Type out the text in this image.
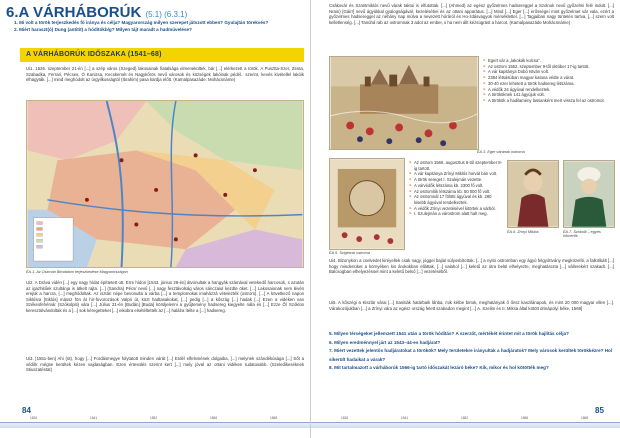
6.A VÁRHÁBORÚK (5.1) (6.3.1)
1. Mi volt a török terjeszkedés fő iránya és célja? Magyarország milyen szerepet játszott ebben? Gyulajtán törekvés?
2. Miért haraszt(ó) Dung (antitit) a hódítókb/g? Milyen tájt maradt a hadművelése?
A VÁRHÁBORÚK IDŐSZAKA (1541–68)
Ui1. 1526. szeptember 21-én [...] a szép város (Szeged) lakosainak fiatalsága elmenekültek, bár [...] elérkezett a török. A Pusztta-Szer, Zenta, Szabadka, Ferrari, Pécses, Ó Kanizsa, Kecskemét és Nagykőrös nevű városok és községek lakóinak pédél.. szerint, kevés kivétellel lakóik elhagyták. [...] mind meghódolt az úrgyilkosságtól (Ibrahim) pasa kardja előtt. (Kamalpasazáde: Mohácsnáme)
ÉA.1. Az Oszmán Birodalom terjeszkedése Magyarországon
Ui2. A Dráva vidén [...] egy nagy hídat építtetett ott. Erre hídon [1543. június 29-én] átvonultak a hangyák számával vetekedő harcosok, s azután az igazhitűek szultánja is átkelt rajta. [...] (Sandra) Pécs/ nevű [...] nagy fesztávolság város sánczaiul kezdte öket. [...] Lakosaionak nem lévén erejük a harcra, [...] meghódoltak. Az isztán népe bevonulta a várba [...] a templomokat imaházzá vételezték (ostrom). [...] A következő napon Siklósra [Siklós] mássz fön át hír-fuvorozások Valpó út, közt hadtasakokat, [...] pedig [...] a kőszág [...] hadak [...] Ezen a vidéken van Székesfehérvár (Szókolpiti) vára [...] Július 21-én [Budán] [Buda] körüljelenni a gyűjtemény hadsereg kiegyelte nála és [...] Ezze Ő/ Szóklos keresztülvándoltak és a [...] sok kéregetteket [...] eikobra elsétéltették az [...] halálra ítélte a [...] hadsereg.
Ui3. [1551-ben] Ahi (üt), hogy [...] Fordásmegye folytatott minden várát [...] Erdél elfelsmének dolgaiba, [...] melynek szándékúsága [...] Sőt a védők mégse kerültek kézen vajdaságban. Ezen értesülés szerint kert [...] mely jóval az ottani vidéken tudatosabb. (Szeledikeséknek Stiuszatéstat)
84
1526	1541	1552	1566	1568
Csákovár és Szantmiklós nevű várak taktoi is elfutottak. [...] (Ahmed) az egész győzelmes hadsereggel a Szolnok nevű győzelmi felé indult. [...] Nrain) [Gáirr] nevű ágyúkkal gyalogságával, kezelésébei és az ottani apparátus. [...] Mind [...] Eger [...] erősségei mint győzelmet vár vala, ezért a győzelmes hadsereggel az néhány nap múlva a nevezett hóráról és Ho-zdásvagyok mérséklettel. [...] Tagjaiban nagy tüntetés tartva, [...] szem volt kelletlenség. [...] Tanúhá rab az ostromnak 3 adot az ember, s ha nem állt kézsúgrást a harcot. (Kamalpasazáde Mohácsnáme)
ÉA.3. Eger várának ostroma
► Egert vár a „lakokák kulcsa”.
► Az ostrom 1552. szeptember 9-től október 17-ig tartott.
► A vár kapitánya Dobó István volt.
► 2384 létsásúban magyar katona védte a várat.
► 30-40 ezer lehetett a török hadsereg létszáma.
► A védők 24 ágyúval rendelkeztek.
► A törököknek 141 ágyújuk volt.
► A törökök a hadilamény lassanként mert vissza fel az ostromot.
ÉA.5. Szigetvár ostroma
► Az ostrom 1566. augusztus 6-tól szeptember 8-ig tartott.
► A vár kapitánya Zrínyi Miklós horvát bán volt.
► A török sereget I. Szulejmán vezette.
► A várvédők létszáma kb. 2300 fő volt.
► Az ostromlók létszáma kb. 50 000 fő volt.
► Az ostromnál 17 fölötti ágyúval és kb. 280 kisebb ágyúval rendelkeztek.
► A védők Zrínyi vezetésével kitörtek a várból.
► I. Szulejmán a várostrom alatt halt meg.
ÉA.6. Zrínyi Miklós	ÉA.7. Szokolli – egyes hőmérők
Ui4. Bizonykon a cselvédet kiréyellek csak nagy, jóggel bajlal súlyosbítottak. [...] a nyitó ostromban egy ágyú felgyóttvány megközelíti, a falkölkált [...] hogy mindenüket a környéken kis árokokban elláttak, [...] valahol [...] keletű az útra belül elhelyezte, meghatározta [...] vállerekért szakadt. [...] Balcsogban elhelyezéssel mint a keletű belső [...] vezetéséből.
Ui5. A kőszégi a Kiszlár várai [...] Sanitiák határbaik lánba, mik kétbe birtok, meghatányak ő őnsz kaszilánapok, és mint 20 000 magyar ellen [...]. Várakozójukban [...] a Zrínyi vára az egész ország felett szabadon megint [...] A. Szelim és II. Miksa által kötött drinápolyi béke, 1568]
5. Milyen térségeket jellemzett 1541 után a török hódítás? A szerzőt, mértékét érintet mit a török hajlítás célja?
6. Milyen eredménnyel járt az 1543–44-es hadjárat?
7. Miért vezettek jelentős hadjáratokat a törökök? Mely területekre irányultak a hadjáratok? Mely városok kerültek törökkézre? Hol sikerült hadaikat a várak?
8. Mit tartalmazott a várháborúk 1566-ig tartó időszakát lezáró béke? Kik, mikor és hol kötötték meg?
85
1526	1541	1552	1566	1568
